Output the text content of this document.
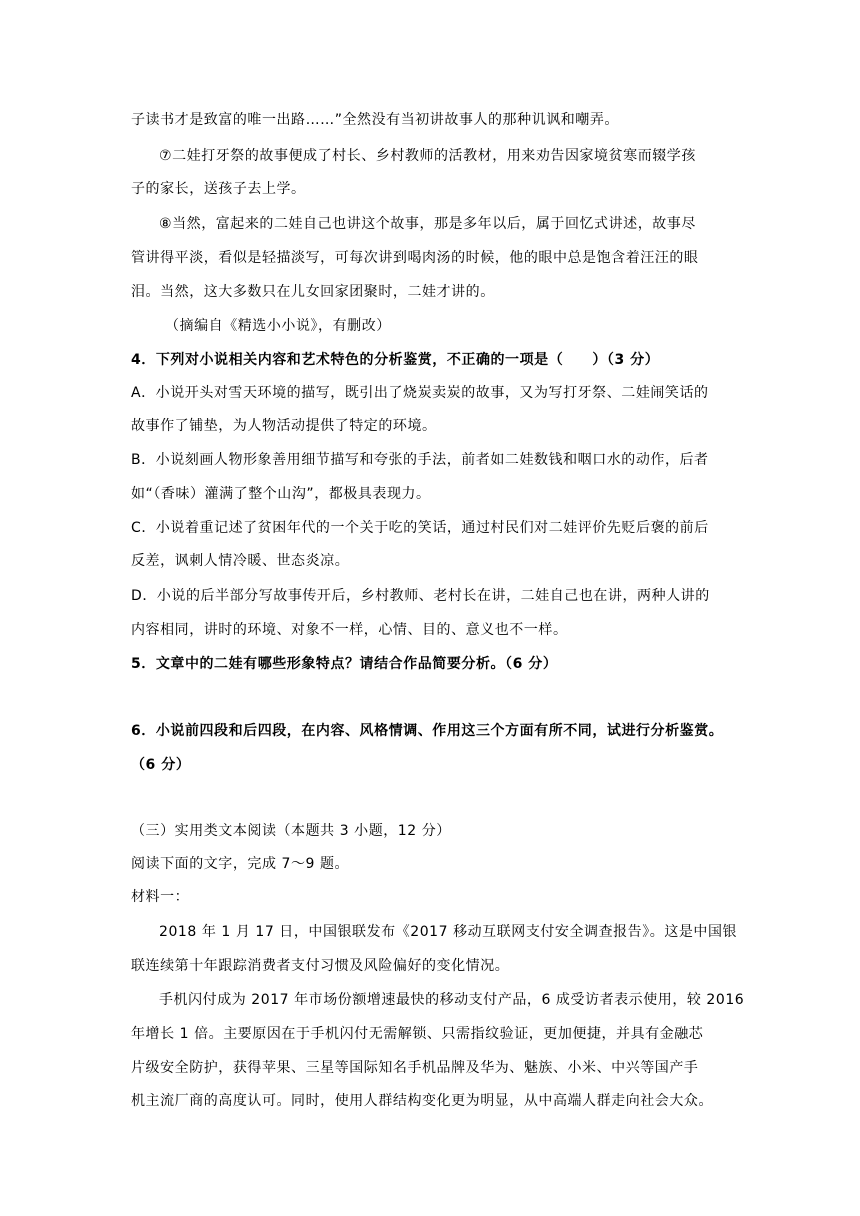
子读书才是致富的唯一出路……”全然没有当初讲故事人的那种讥讽和嘲弄。
⑦二娃打牙祭的故事便成了村长、乡村教师的活教材，用来劝告因家境贫寒而辍学孩
子的家长，送孩子去上学。
⑧当然，富起来的二娃自己也讲这个故事，那是多年以后，属于回忆式讲述，故事尽
管讲得平淡，看似是轻描淡写，可每次讲到喝肉汤的时候，他的眼中总是饱含着汪汪的眼
泪。当然，这大多数只在儿女回家团聚时，二娃才讲的。
（摘编自《精选小小说》，有删改）
4．下列对小说相关内容和艺术特色的分析鉴赏，不正确的一项是（　　）（3 分）
A．小说开头对雪天环境的描写，既引出了烧炭卖炭的故事，又为写打牙祭、二娃闹笑话的
故事作了铺垫，为人物活动提供了特定的环境。
B．小说刻画人物形象善用细节描写和夸张的手法，前者如二娃数钱和咽口水的动作，后者
如“（香味）灌满了整个山沟”，都极具表现力。
C．小说着重记述了贫困年代的一个关于吃的笑话，通过村民们对二娃评价先贬后褒的前后
反差，讽刺人情冷暖、世态炎凉。
D．小说的后半部分写故事传开后，乡村教师、老村长在讲，二娃自己也在讲，两种人讲的
内容相同，讲时的环境、对象不一样，心情、目的、意义也不一样。
5．文章中的二娃有哪些形象特点？请结合作品简要分析。（6 分）
6．小说前四段和后四段，在内容、风格情调、作用这三个方面有所不同，试进行分析鉴赏。
（6 分）
（三）实用类文本阅读（本题共 3 小题，12 分）
阅读下面的文字，完成 7～9 题。
材料一：
2018 年 1 月 17 日，中国银联发布《2017 移动互联网支付安全调查报告》。这是中国银
联连续第十年跟踪消费者支付习惯及风险偏好的变化情况。
手机闪付成为 2017 年市场份额增速最快的移动支付产品，6 成受访者表示使用，较 2016
年增长 1 倍。主要原因在于手机闪付无需解锁、只需指纹验证，更加便捷，并具有金融芯
片级安全防护，获得苹果、三星等国际知名手机品牌及华为、魅族、小米、中兴等国产手
机主流厂商的高度认可。同时，使用人群结构变化更为明显，从中高端人群走向社会大众。
